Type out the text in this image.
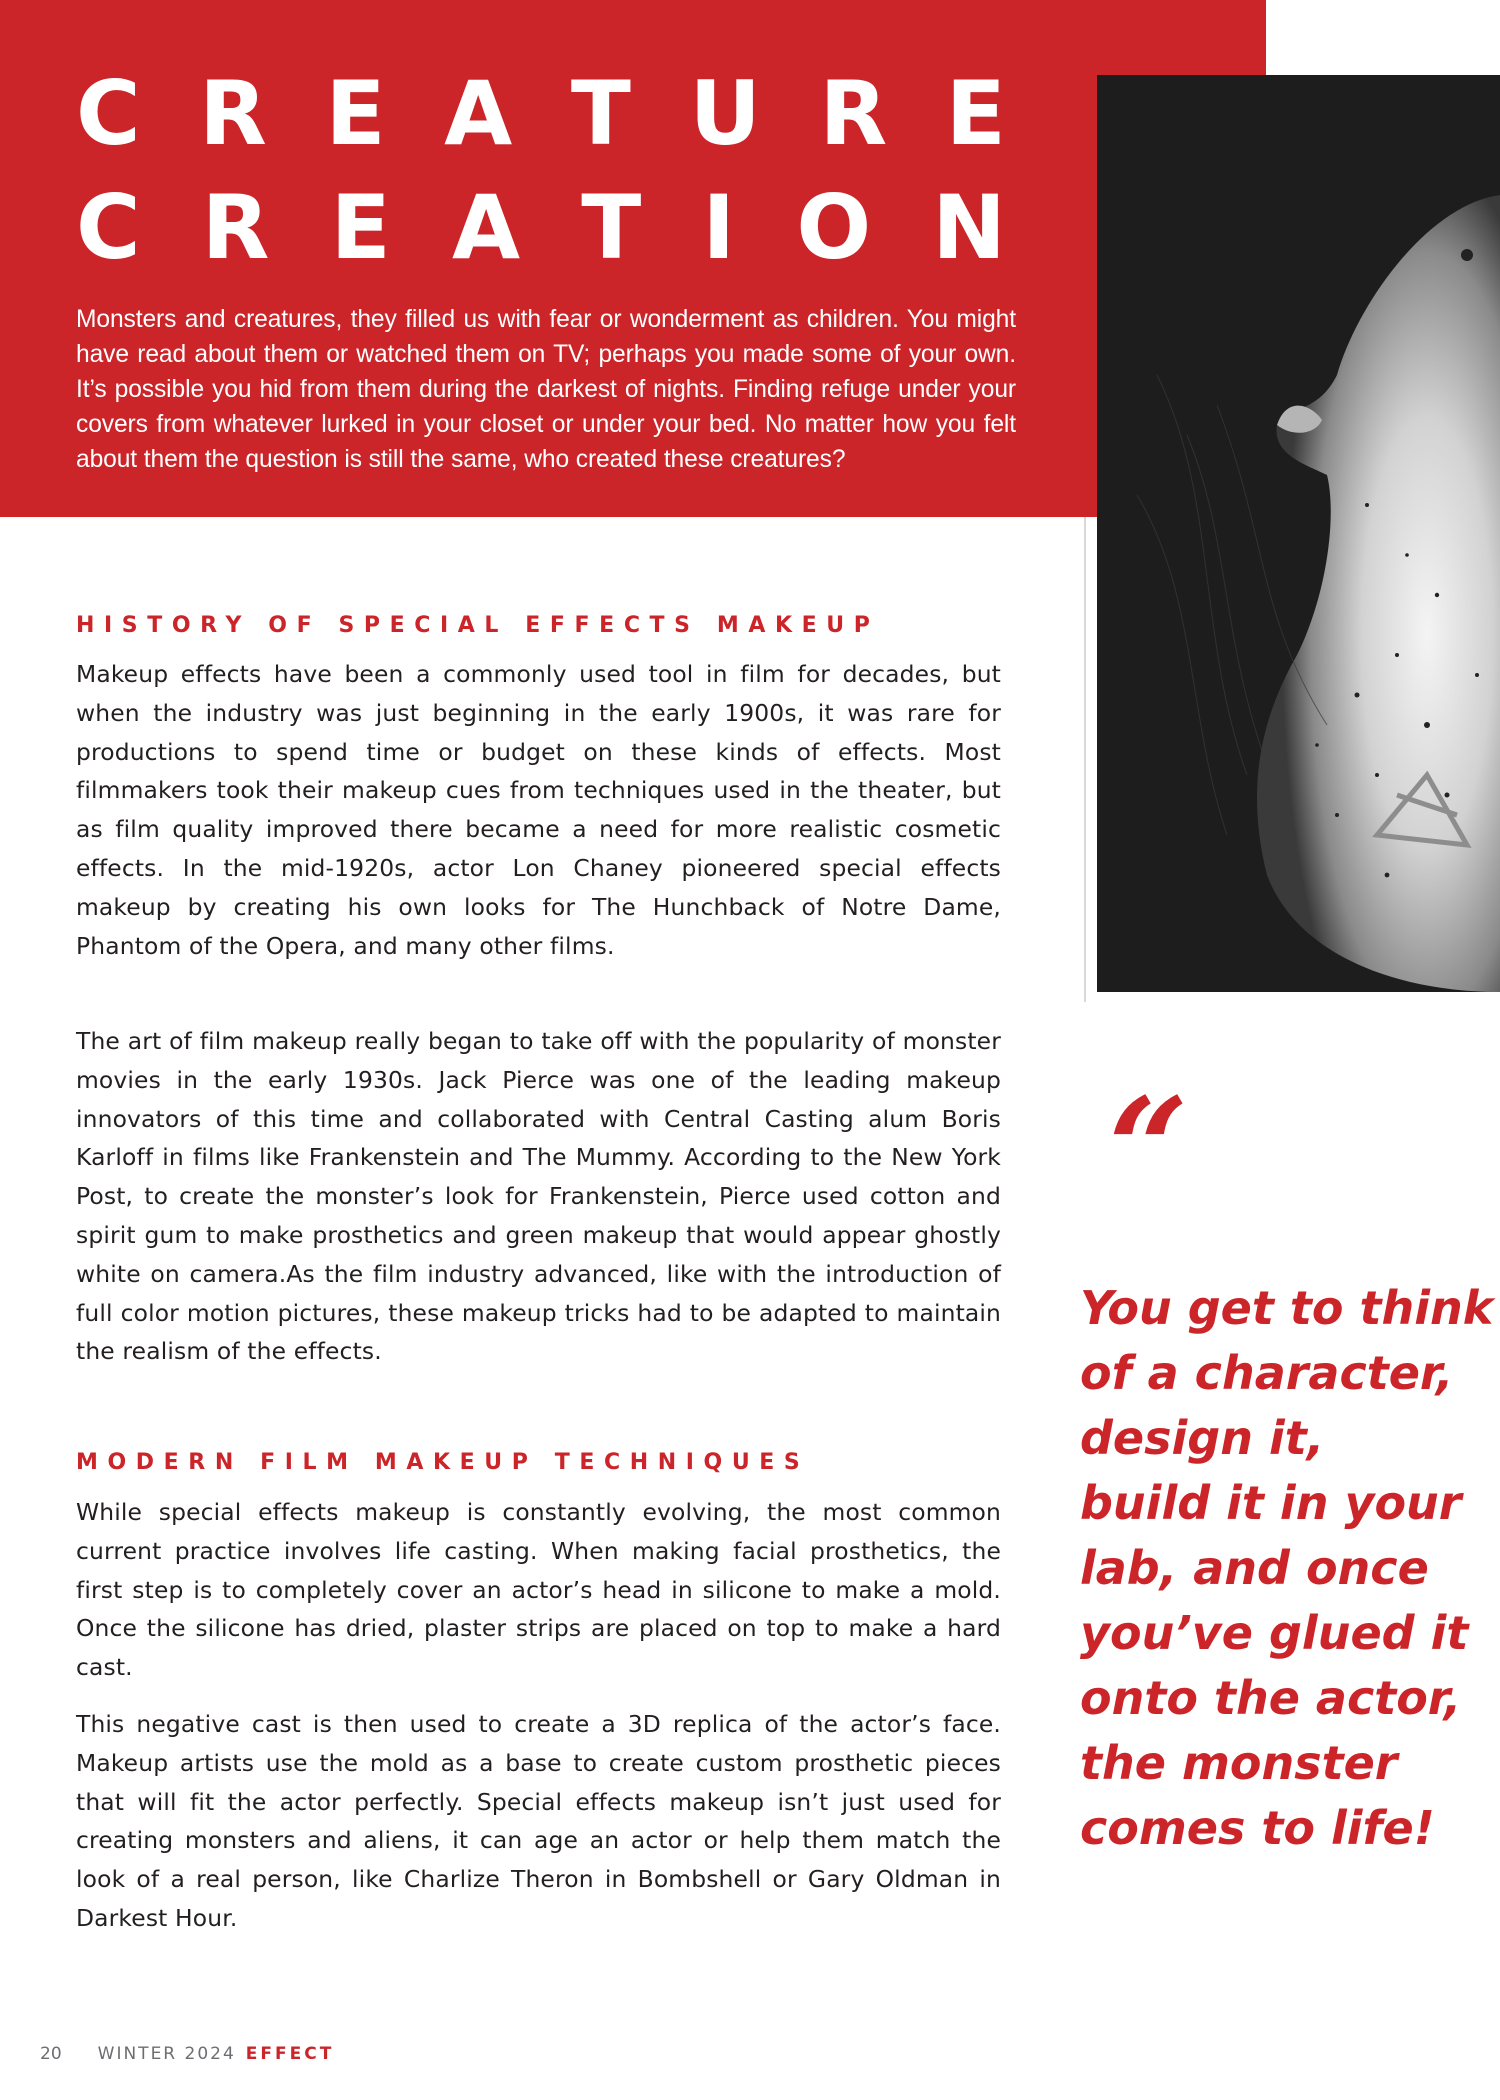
C R E A T U R E
C R E A T I O N

Monsters and creatures, they filled us with fear or wonderment as children. You might have read about them or watched them on TV; perhaps you made some of your own. It’s possible you hid from them during the darkest of nights. Finding refuge under your covers from whatever lurked in your closet or under your bed. No matter how you felt about them the question is still the same, who created these creatures?

HISTORY OF SPECIAL EFFECTS MAKEUP

Makeup effects have been a commonly used tool in film for decades, but when the industry was just beginning in the early 1900s, it was rare for productions to spend time or budget on these kinds of effects. Most filmmakers took their makeup cues from techniques used in the theater, but as film quality improved there became a need for more realistic cosmetic effects. In the mid-1920s, actor Lon Chaney pioneered special effects makeup by creating his own looks for The Hunchback of Notre Dame, Phantom of the Opera, and many other films.

The art of film makeup really began to take off with the popularity of monster movies in the early 1930s. Jack Pierce was one of the leading makeup innovators of this time and collaborated with Central Casting alum Boris Karloff in films like Frankenstein and The Mummy. According to the New York Post, to create the monster’s look for Frankenstein, Pierce used cotton and spirit gum to make prosthetics and green makeup that would appear ghostly white on camera.As the film industry advanced, like with the introduction of full color motion pictures, these makeup tricks had to be adapted to maintain the realism of the effects.

MODERN FILM MAKEUP TECHNIQUES

While special effects makeup is constantly evolving, the most common current practice involves life casting. When making facial prosthetics, the first step is to completely cover an actor’s head in silicone to make a mold. Once the silicone has dried, plaster strips are placed on top to make a hard cast.

This negative cast is then used to create a 3D replica of the actor’s face. Makeup artists use the mold as a base to create custom prosthetic pieces that will fit the actor perfectly. Special effects makeup isn’t just used for creating monsters and aliens, it can age an actor or help them match the look of a real person, like Charlize Theron in Bombshell or Gary Oldman in Darkest Hour.

“
You get to think
of a character,
design it,
build it in your
lab, and once
you’ve glued it
onto the actor,
the monster
comes to life!
20 WINTER 2024 EFFECT
